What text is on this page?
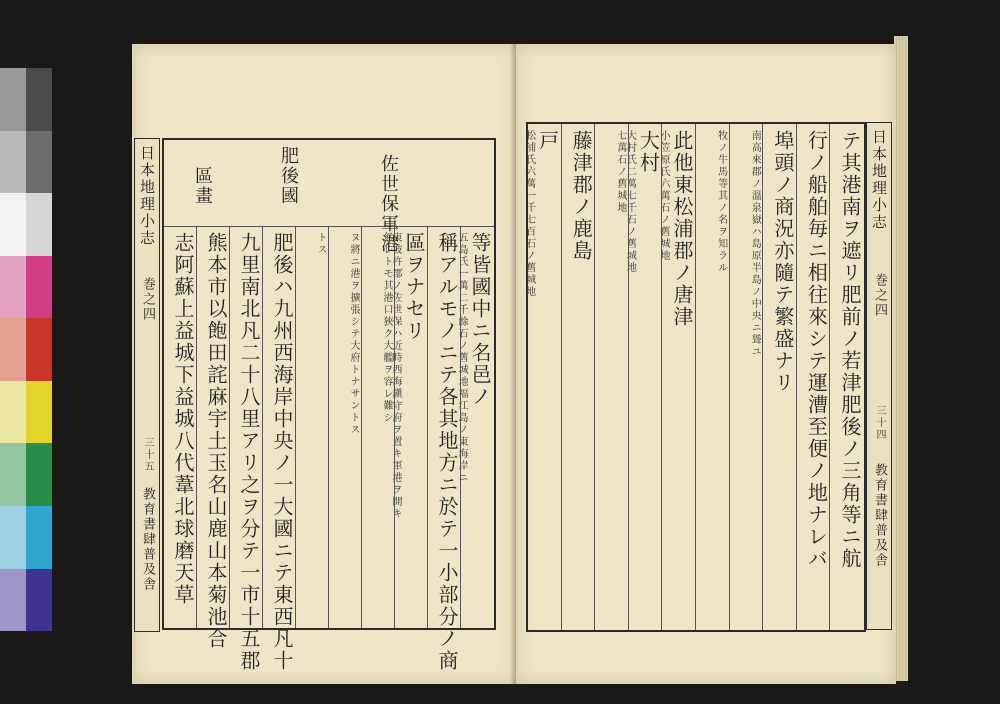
日本地理小志
巻之四
三十五
教育書肆普及舎
佐世保軍港
肥後國
區畫
等皆國中ニ名邑ノ
五島氏一萬二千餘石ノ舊城地福江島ノ東海岸ニ
稱アルモノニテ各其地方ニ於テ一小部分ノ商
區ヲナセリ
東彼杵郡ノ佐世保ハ近時西海鎭守府ヲ置キ軍港ヲ開キ
然レトモ其港口狹ク大艦ヲ容レ難シ
ヌ將ニ港ヲ擴張シテ大府トナサントス
トス
肥後ハ九州西海岸中央ノ一大國ニテ東西凡十
九里南北凡二十八里アリ之ヲ分テ一市十五郡
熊本市以飽田詫麻宇土玉名山鹿山本菊池合
志阿蘇上益城下益城八代葦北球磨天草	テ其港南ヲ遮リ肥前ノ若津肥後ノ三角等ニ航
行ノ船舶毎ニ相往來シテ運漕至便ノ地ナレバ
埠頭ノ商況亦隨テ繁盛ナリ
南高來郡ノ溫泉嶽ハ島原半島ノ中央ニ聳ユ
牧ノ牛馬等其ノ名ヲ知ラル
此他東松浦郡ノ唐津
小笠原氏六萬石ノ舊城地
大村
大村氏二萬七千石ノ舊城地
七萬石ノ舊城地
藤津郡ノ鹿島
戸
松浦氏六萬一千七百石ノ舊城地	日本地理小志
巻之四
三十四
教育書肆普及舎
